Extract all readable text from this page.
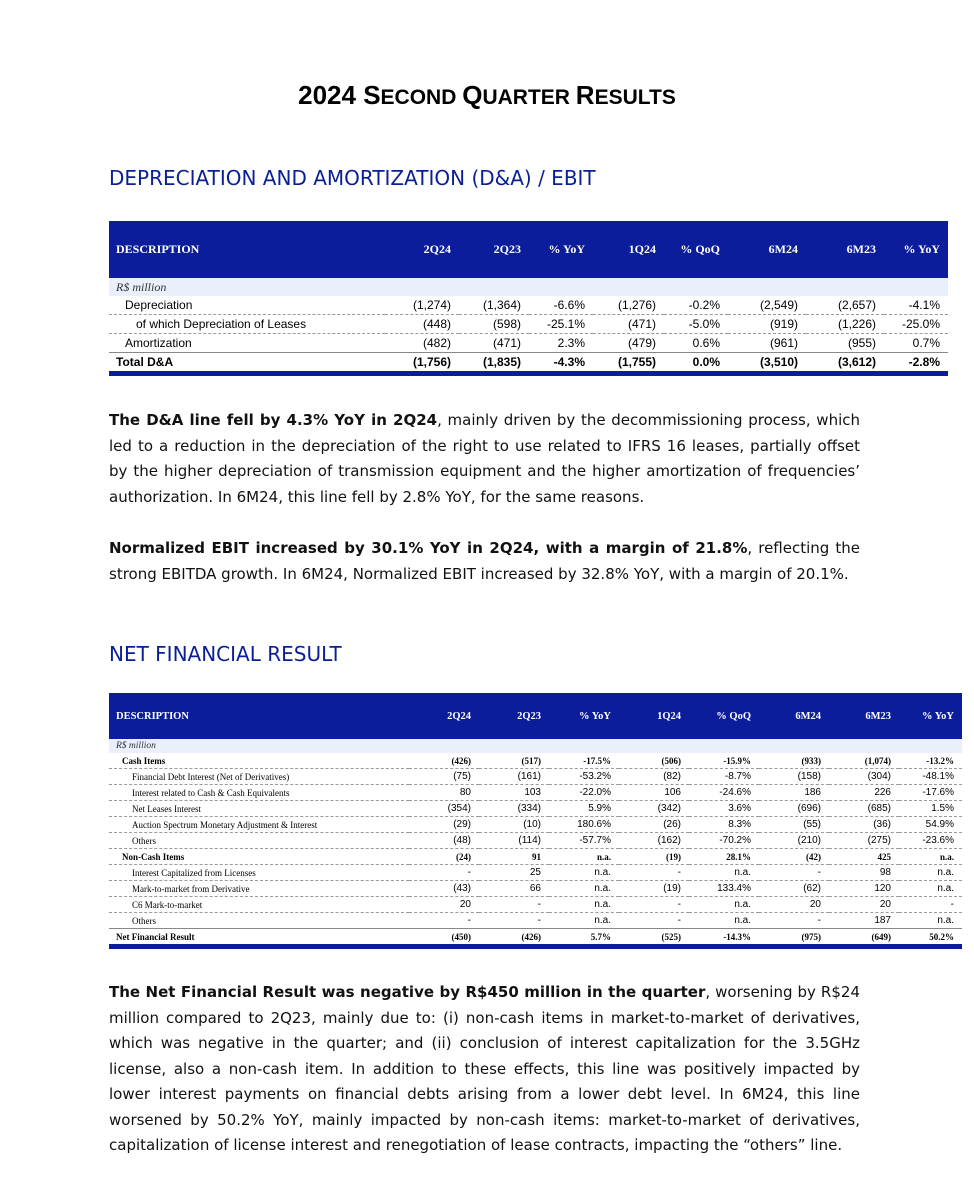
2024 SECOND QUARTER RESULTS
DEPRECIATION AND AMORTIZATION (D&A) / EBIT
DESCRIPTION	2Q24	2Q23	% YoY	1Q24	% QoQ	6M24	6M23	% YoY
R$ million								
Depreciation	(1,274)	(1,364)	-6.6%	(1,276)	-0.2%	(2,549)	(2,657)	-4.1%
of which Depreciation of Leases	(448)	(598)	-25.1%	(471)	-5.0%	(919)	(1,226)	-25.0%
Amortization	(482)	(471)	2.3%	(479)	0.6%	(961)	(955)	0.7%
Total D&A	(1,756)	(1,835)	-4.3%	(1,755)	0.0%	(3,510)	(3,612)	-2.8%
The D&A line fell by 4.3% YoY in 2Q24, mainly driven by the decommissioning process, which led to a reduction in the depreciation of the right to use related to IFRS 16 leases, partially offset by the higher depreciation of transmission equipment and the higher amortization of frequencies’ authorization. In 6M24, this line fell by 2.8% YoY, for the same reasons.
Normalized EBIT increased by 30.1% YoY in 2Q24, with a margin of 21.8%, reflecting the strong EBITDA growth. In 6M24, Normalized EBIT increased by 32.8% YoY, with a margin of 20.1%.
NET FINANCIAL RESULT
DESCRIPTION	2Q24	2Q23	% YoY	1Q24	% QoQ	6M24	6M23	% YoY
R$ million								
Cash Items	(426)	(517)	-17.5%	(506)	-15.9%	(933)	(1,074)	-13.2%
Financial Debt Interest (Net of Derivatives)	(75)	(161)	-53.2%	(82)	-8.7%	(158)	(304)	-48.1%
Interest related to Cash & Cash Equivalents	80	103	-22.0%	106	-24.6%	186	226	-17.6%
Net Leases Interest	(354)	(334)	5.9%	(342)	3.6%	(696)	(685)	1.5%
Auction Spectrum Monetary Adjustment & Interest	(29)	(10)	180.6%	(26)	8.3%	(55)	(36)	54.9%
Others	(48)	(114)	-57.7%	(162)	-70.2%	(210)	(275)	-23.6%
Non-Cash Items	(24)	91	n.a.	(19)	28.1%	(42)	425	n.a.
Interest Capitalized from Licenses	-	25	n.a.	-	n.a.	-	98	n.a.
Mark-to-market from Derivative	(43)	66	n.a.	(19)	133.4%	(62)	120	n.a.
C6 Mark-to-market	20	-	n.a.	-	n.a.	20	20	-
Others	-	-	n.a.	-	n.a.	-	187	n.a.
Net Financial Result	(450)	(426)	5.7%	(525)	-14.3%	(975)	(649)	50.2%
The Net Financial Result was negative by R$450 million in the quarter, worsening by R$24 million compared to 2Q23, mainly due to: (i) non-cash items in market-to-market of derivatives, which was negative in the quarter; and (ii) conclusion of interest capitalization for the 3.5GHz license, also a non-cash item. In addition to these effects, this line was positively impacted by lower interest payments on financial debts arising from a lower debt level. In 6M24, this line worsened by 50.2% YoY, mainly impacted by non-cash items: market-to-market of derivatives, capitalization of license interest and renegotiation of lease contracts, impacting the “others” line.
